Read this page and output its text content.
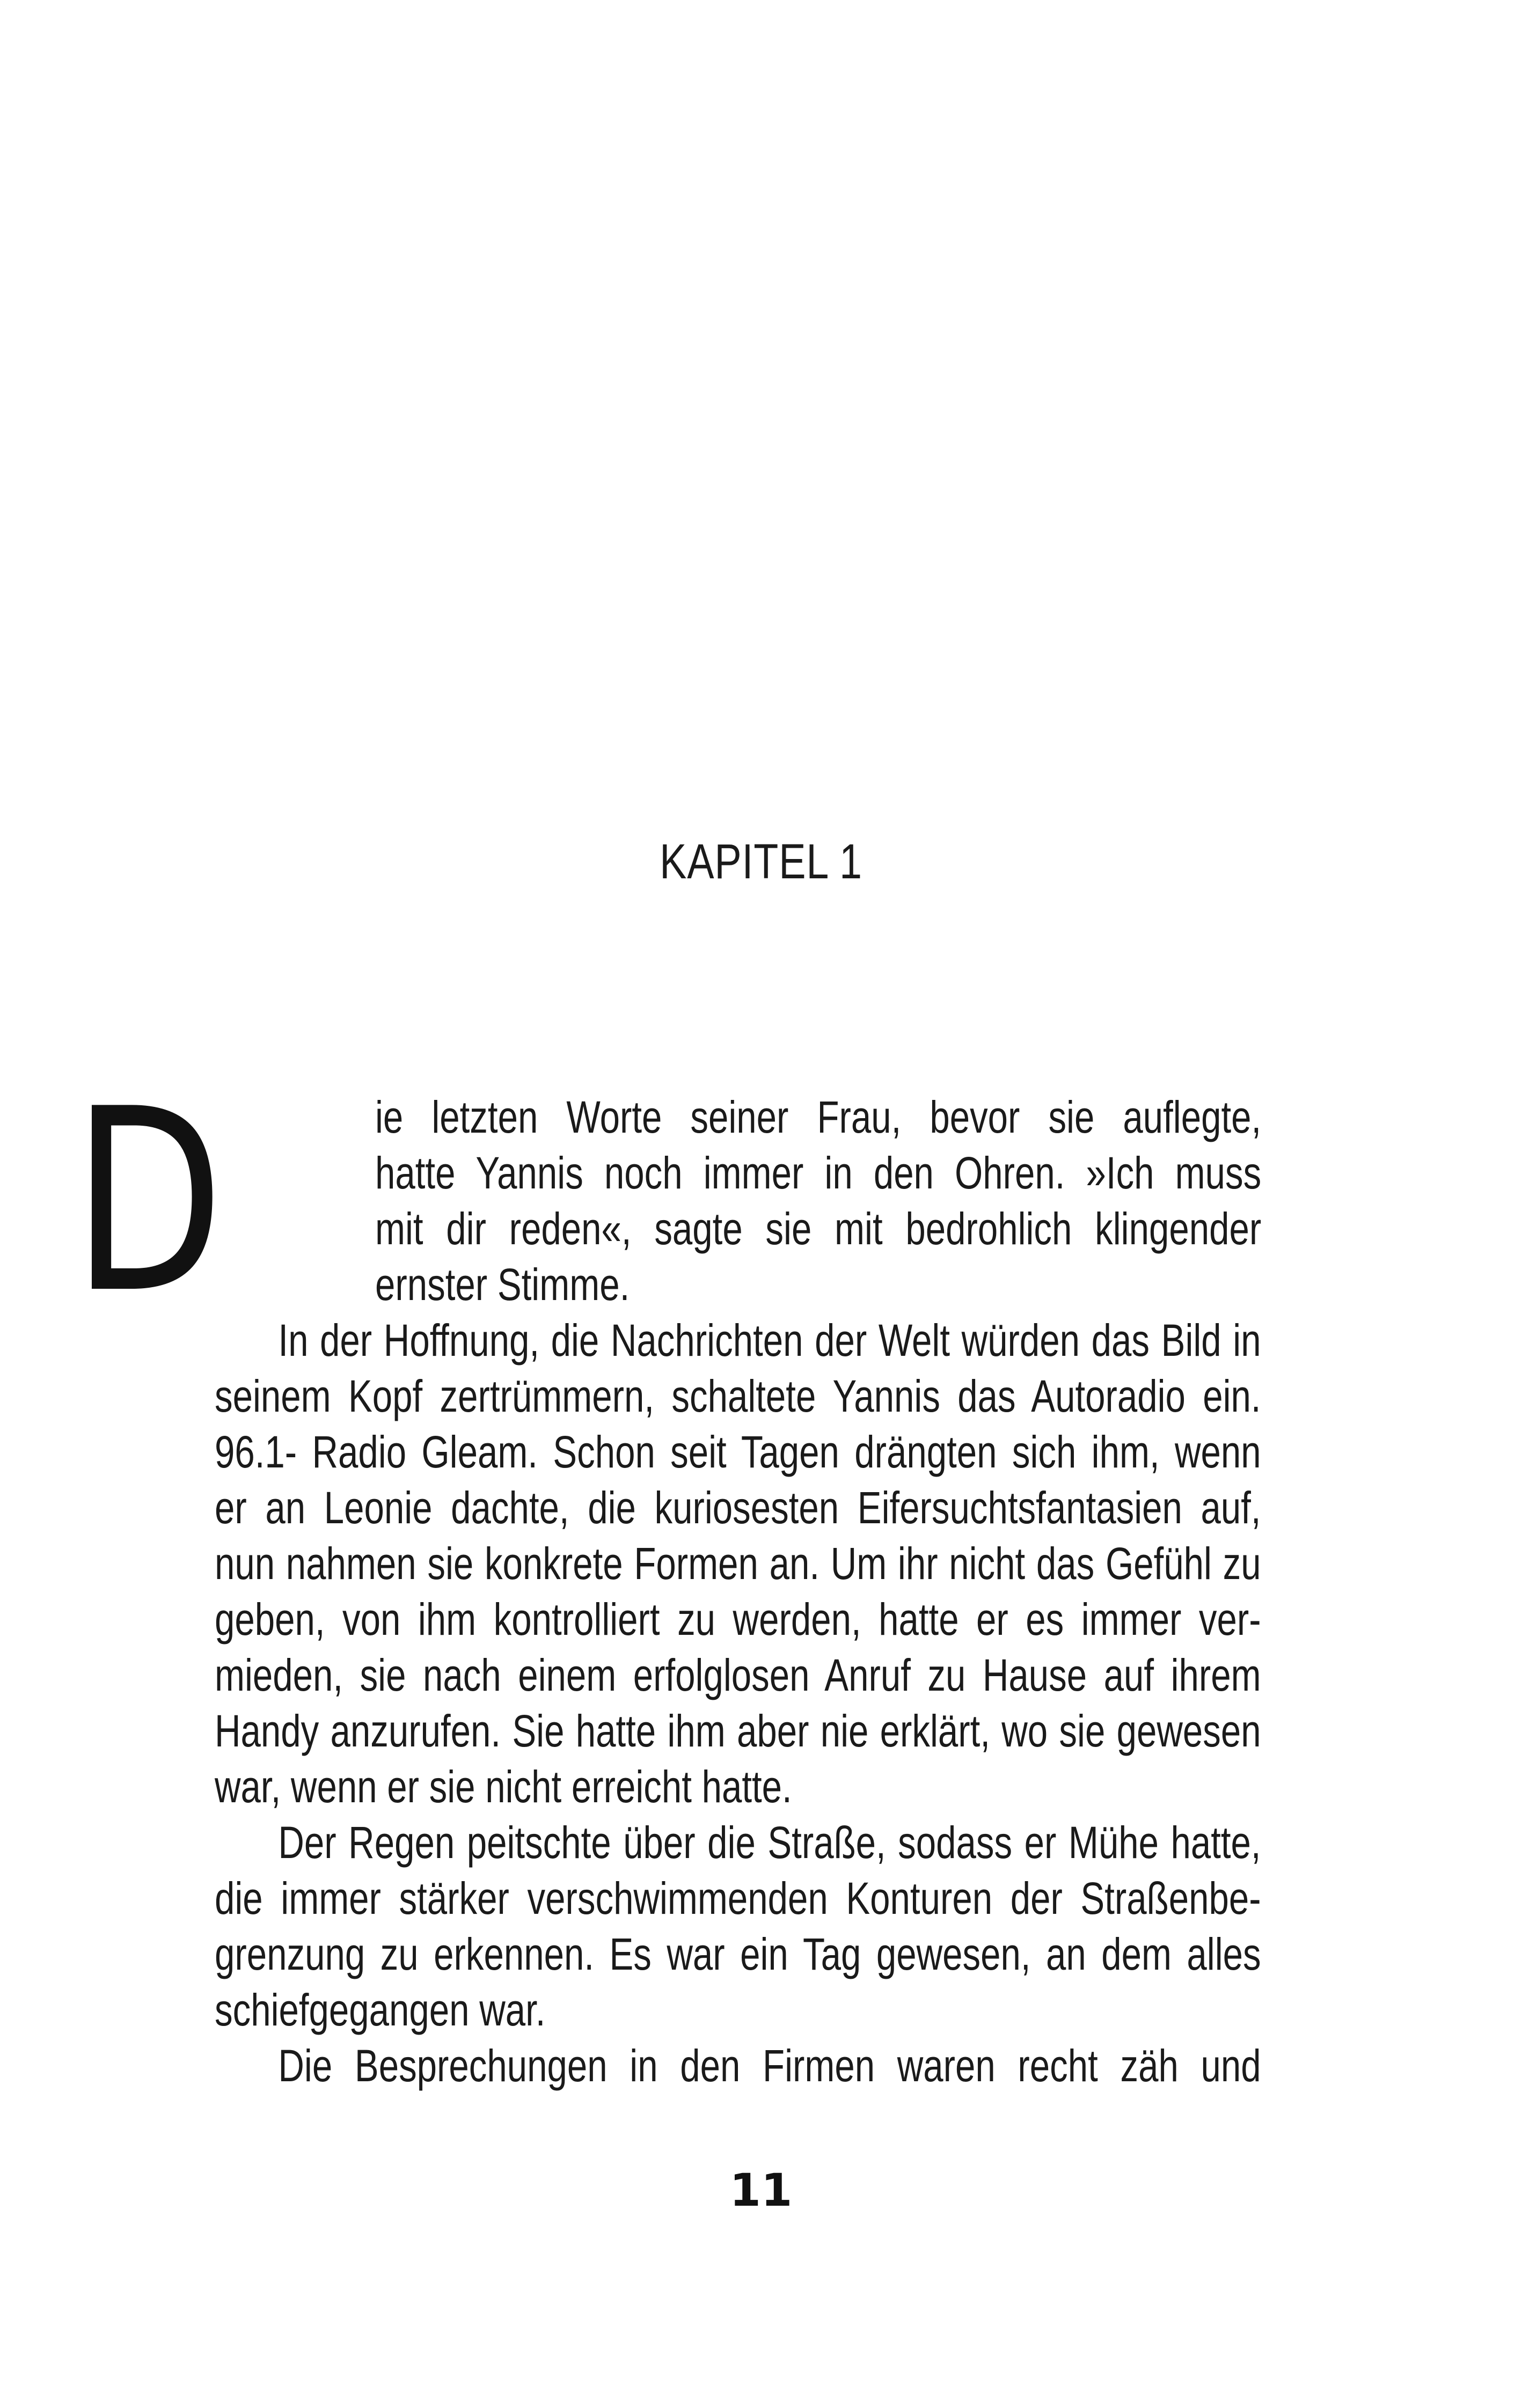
KAPITEL 1
D	ie letzten Worte seiner Frau, bevor sie auflegte,
hatte Yannis noch immer in den Ohren. »Ich muss
mit dir reden«, sagte sie mit bedrohlich klingender
ernster Stimme.
In der Hoffnung, die Nachrichten der Welt würden das Bild in
seinem Kopf zertrümmern, schaltete Yannis das Autoradio ein.
96.1- Radio Gleam. Schon seit Tagen drängten sich ihm, wenn
er an Leonie dachte, die kuriosesten Eifersuchtsfantasien auf,
nun nahmen sie konkrete Formen an. Um ihr nicht das Gefühl zu
geben, von ihm kontrolliert zu werden, hatte er es immer ver-
mieden, sie nach einem erfolglosen Anruf zu Hause auf ihrem
Handy anzurufen. Sie hatte ihm aber nie erklärt, wo sie gewesen
war, wenn er sie nicht erreicht hatte.
Der Regen peitschte über die Straße, sodass er Mühe hatte,
die immer stärker verschwimmenden Konturen der Straßenbe-
grenzung zu erkennen. Es war ein Tag gewesen, an dem alles
schiefgegangen war.
Die Besprechungen in den Firmen waren recht zäh und
11
